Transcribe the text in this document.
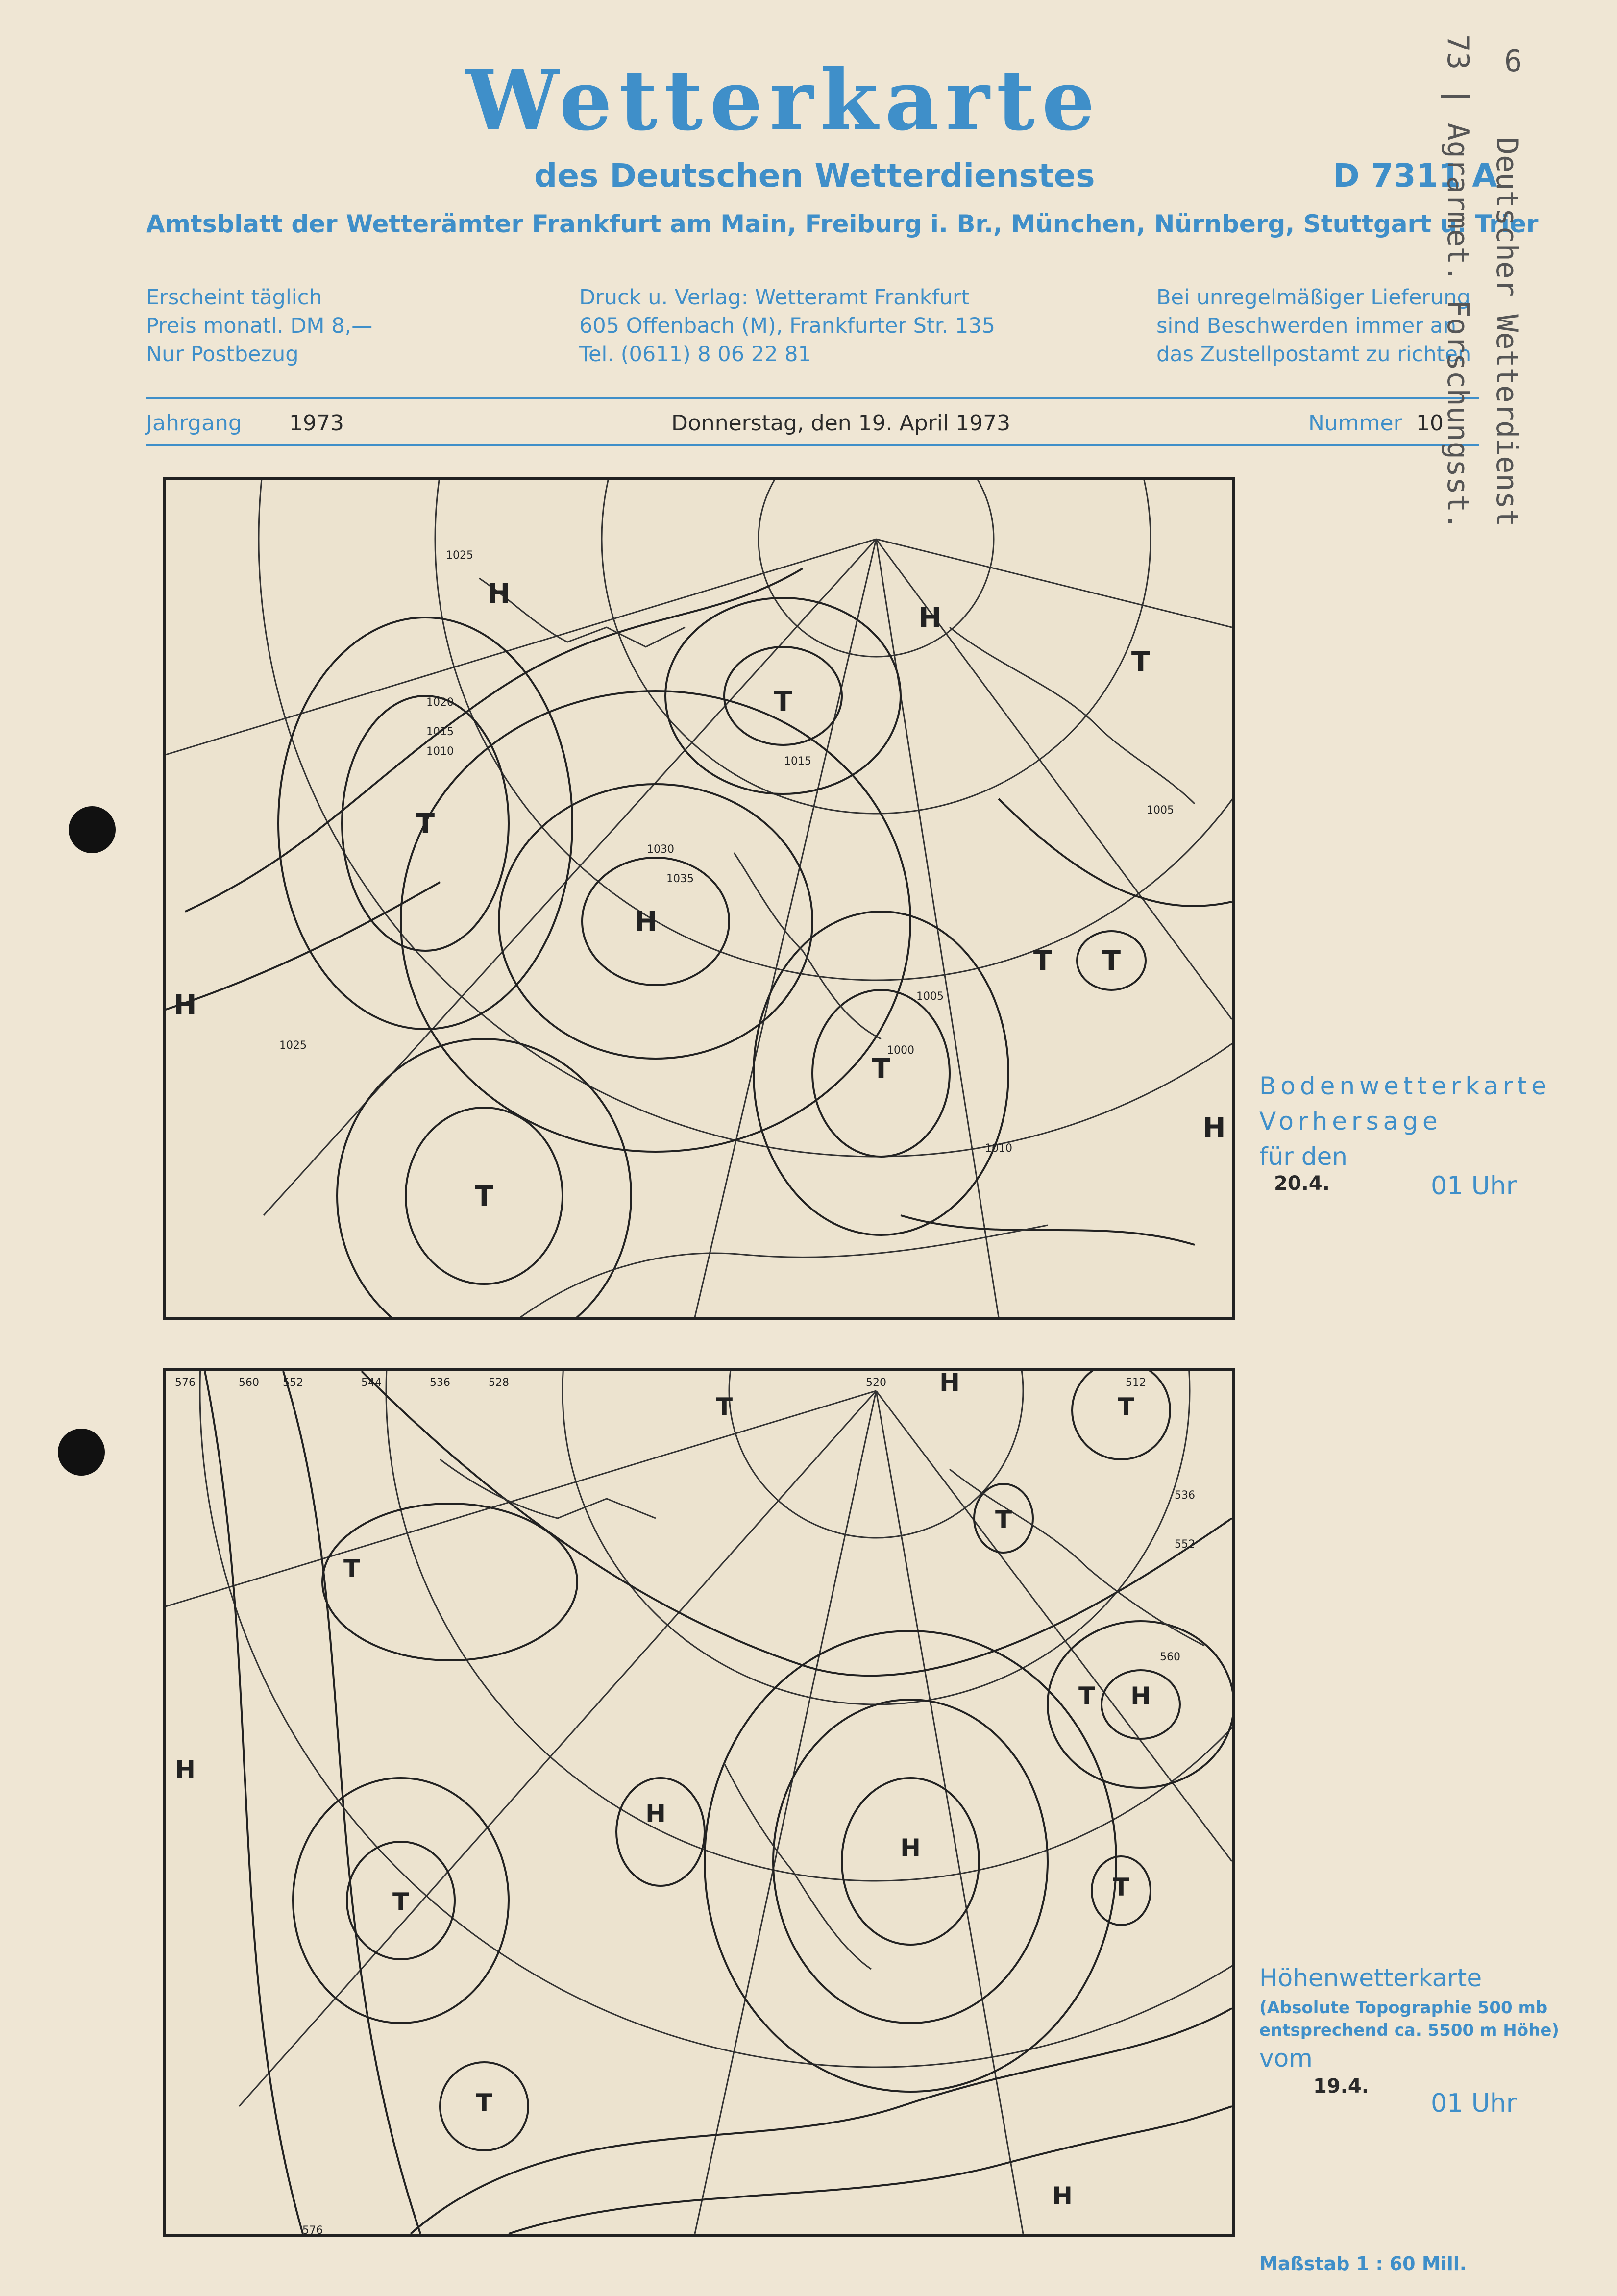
Wetterkarte
des Deutschen Wetterdienstes	D 7311 A
Amtsblatt der Wetterämter Frankfurt am Main, Freiburg i. Br., München, Nürnberg, Stuttgart u. Trier
Erscheint täglich
Preis monatl. DM 8,—
Nur Postbezug
Druck u. Verlag: Wetteramt Frankfurt
605 Offenbach (M), Frankfurter Str. 135
Tel. (0611) 8 06 22 81
Bei unregelmäßiger Lieferung
sind Beschwerden immer an
das Zustellpostamt zu richten
Jahrgang 1973	Donnerstag, den 19. April 1973	Nummer 10 Deutscher Wetterdienst
73 | Agrarmet. Forschungsst. 6
H
T
H
T
T
H
T T
T
H
H
T
1025
1020
1015
1010
1030
1035
1005
1000
1015
1025
1010
1005
Bodenwetterkarte
Vorhersage
für den
20.4.	01 Uhr
T
H
T
T
H
T
T
H
H
T
T
T
H
H
576	560 552	544	536	528	520	512
536
552
560
576
Höhenwetterkarte
(Absolute Topographie 500 mb
entsprechend ca. 5500 m Höhe)
vom
19.4.
01 Uhr
Maßstab 1 : 60 Mill.
